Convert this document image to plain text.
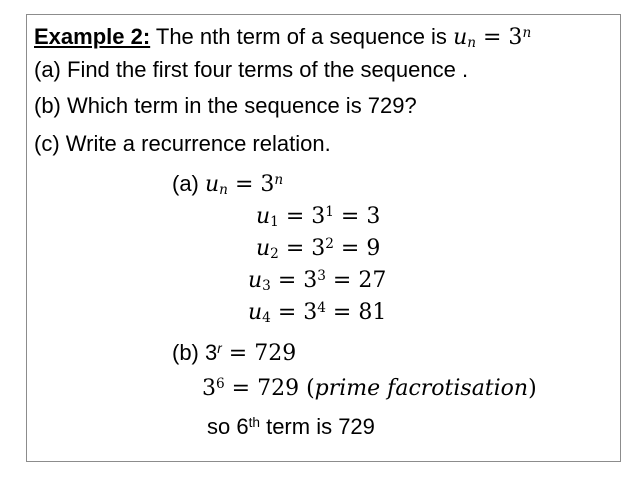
Example 2: The nth term of a sequence is $u_n = 3^n$
(a) Find the first four terms of the sequence .
(b) Which term in the sequence is 729?
(c) Write a recurrence relation.
(a) $u_n = 3^n$
$u_1 = 3^1 = 3$
$u_2 = 3^2 = 9$
$u_3 = 3^3 = 27$
$u_4 = 3^4 = 81$
(b) $3^r = 729$
$3^6 = 729$ (prime facrotisation)
so 6th term is 729
